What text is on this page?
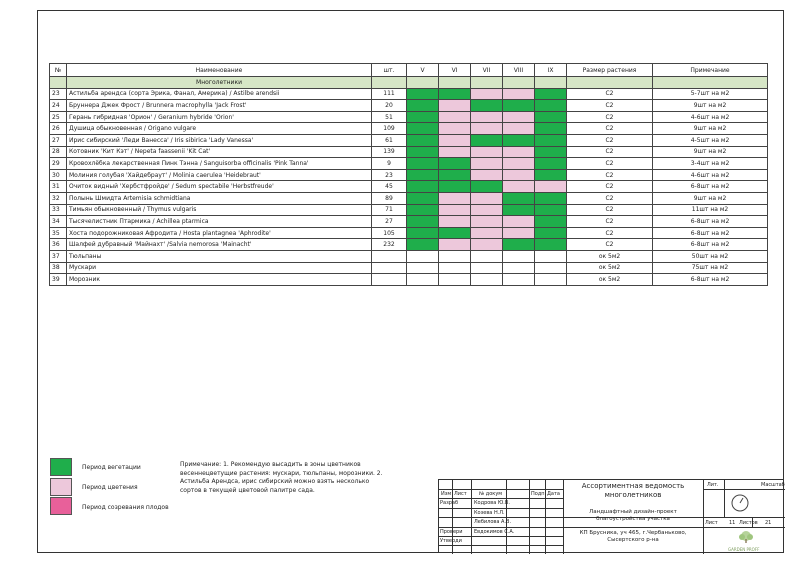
№	Наименование	шт.	V	VI	VII	VIII	IX	Размер растения	Примечание
	Многолетники								
23	Астильба арендса (сорта Эрика, Фанал, Америка) / Astilbe arendsii	111						С2	5-7шт на м2
24	Бруннера Джек Фрост / Brunnera macrophylla 'Jack Frost'	20						С2	9шт на м2
25	Герань гибридная 'Орион' / Geranium hybride 'Orion'	51						С2	4-6шт на м2
26	Душица обыкновенная / Origano vulgare	109						С2	9шт на м2
27	Ирис сибирский 'Леди Ванесса' / Iris sibirica 'Lady Vanessa'	61						С2	4-5шт на м2
28	Котовник 'Кит Кэт' / Nepeta faassenii 'Kit Cat'	139						С2	9шт на м2
29	Кровохлёбка лекарственная Пинк Тэнна / Sanguisorba officinalis 'Pink Tanna'	9						С2	3-4шт на м2
30	Молиния голубая 'Хайдебраут' / Molinia caerulea 'Heidebraut'	23						С2	4-6шт на м2
31	Очиток видный 'Хербстфройде' / Sedum spectabile 'Herbstfreude'	45						С2	6-8шт на м2
32	Полынь Шмидта Artemisia schmidtiana	89						С2	9шт на м2
33	Тимьян обыкновенный / Thymus vulgaris	71						С2	11шт на м2
34	Тысячелистник Птармика / Achillea ptarmica	27						С2	6-8шт на м2
35	Хоста подорожниковая Афродита / Hosta plantagnea 'Aphrodite'	105						С2	6-8шт на м2
36	Шалфей дубравный 'Майнахт' /Salvia nemorosa 'Mainacht'	232						С2	6-8шт на м2
37	Тюльпаны							ок 5м2	50шт на м2
38	Мускари							ок 5м2	75шт на м2
39	Морозник							ок 5м2	6-8шт на м2
Период вегетации
Период цветения
Период созревания плодов
Примечание: 1. Рекомендую высадить в зоны цветников весеннецветущие растения: мускари, тюльпаны, морозники. 2. Астильба Арендса, ирис сибирский можно взять несколько сортов в текущей цветовой палитре сада.
Изм Лист № докум	Подп. Дата
Разраб	Кодрова Ю.В.
Козева Н.Л.
Лебилова А.В.
Провери Евдокимов С.А.
Утверди
Ассортиментная ведомость многолетников
Ландшафтный дизайн-проект благоустройства участка
КП Брусника, уч 465, г.Чербаньково, Сысертского р-на
Лит.	Масштаб
Лист 11 Листов 21
GARDEN PROFF
